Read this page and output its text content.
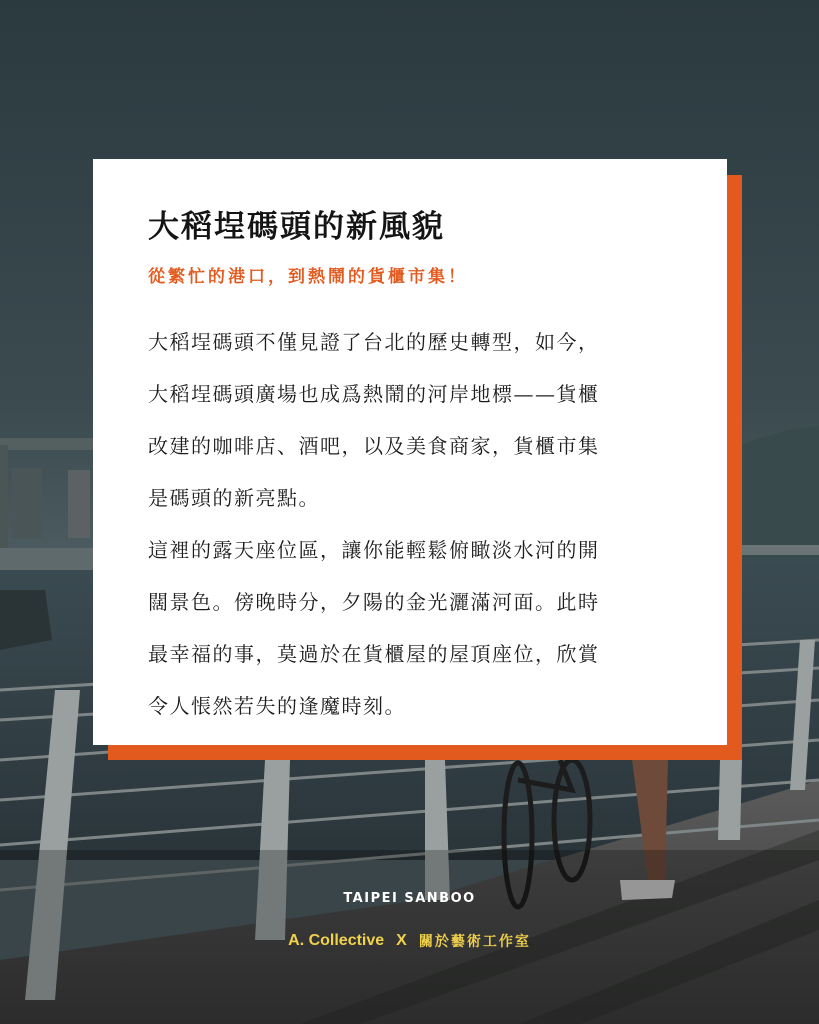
大稻埕碼頭的新風貌
從繁忙的港口，到熱鬧的貨櫃市集！
大稻埕碼頭不僅見證了台北的歷史轉型，如今，
大稻埕碼頭廣場也成爲熱鬧的河岸地標——貨櫃
改建的咖啡店、酒吧，以及美食商家，貨櫃市集
是碼頭的新亮點。
這裡的露天座位區，讓你能輕鬆俯瞰淡水河的開
闊景色。傍晚時分，夕陽的金光灑滿河面。此時
最幸福的事，莫過於在貨櫃屋的屋頂座位，欣賞
令人悵然若失的逢魔時刻。
TAIPEI SANBOO
A. Collective X 關於藝術工作室
